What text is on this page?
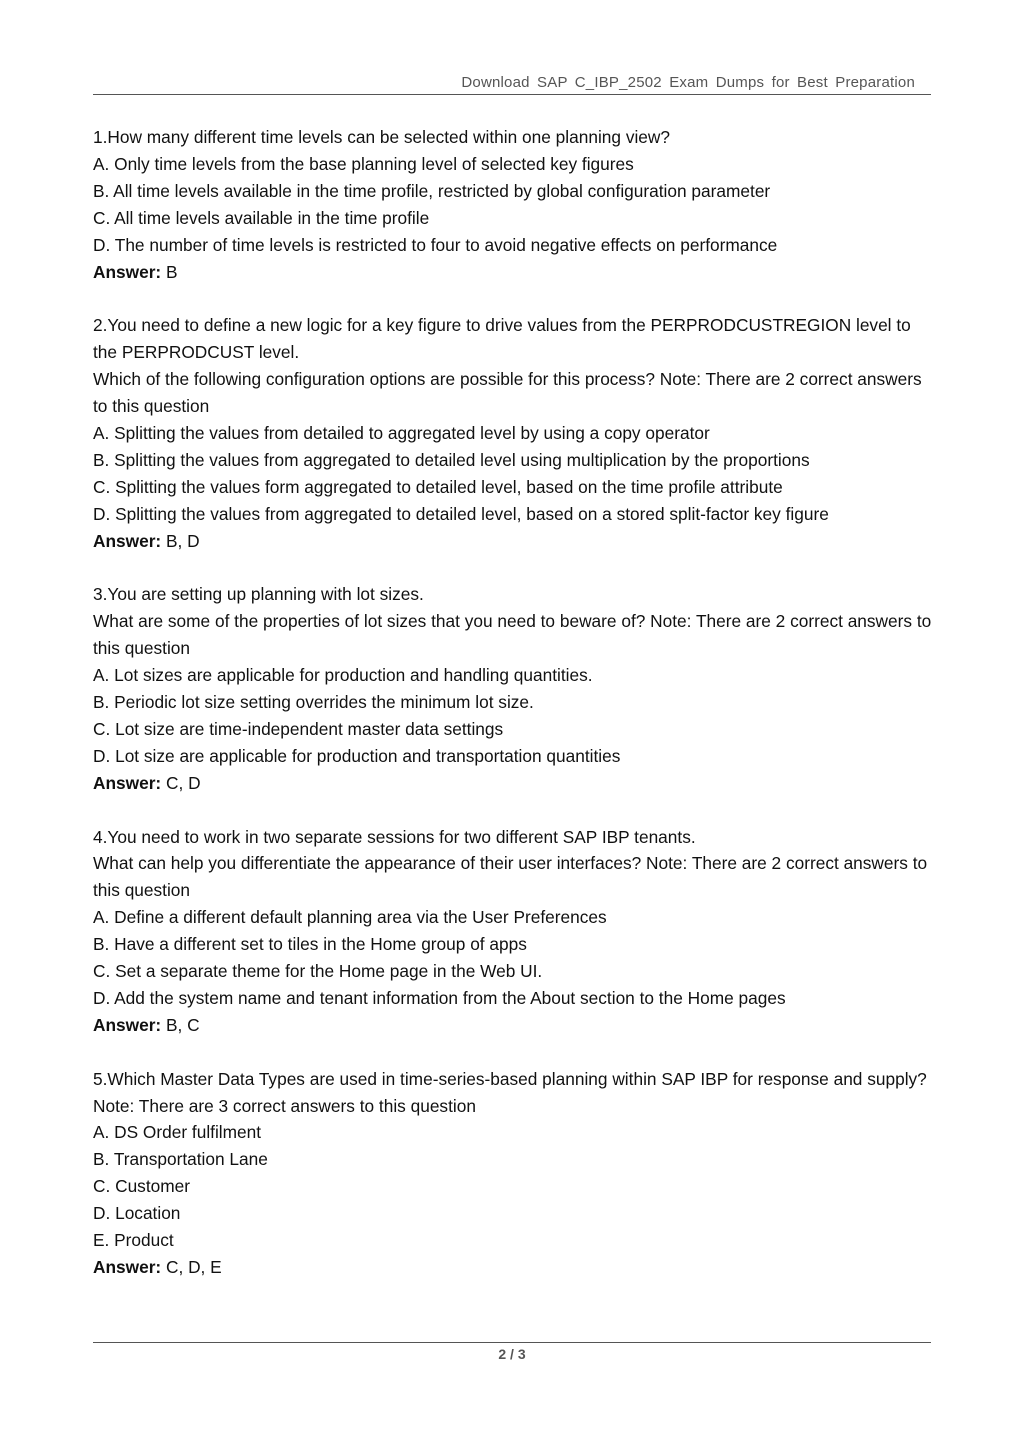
Download SAP C_IBP_2502 Exam Dumps for Best Preparation
1.How many different time levels can be selected within one planning view?
A. Only time levels from the base planning level of selected key figures
B. All time levels available in the time profile, restricted by global configuration parameter
C. All time levels available in the time profile
D. The number of time levels is restricted to four to avoid negative effects on performance
Answer: B
2.You need to define a new logic for a key figure to drive values from the PERPRODCUSTREGION level to the PERPRODCUST level.
Which of the following configuration options are possible for this process? Note: There are 2 correct answers to this question
A. Splitting the values from detailed to aggregated level by using a copy operator
B. Splitting the values from aggregated to detailed level using multiplication by the proportions
C. Splitting the values form aggregated to detailed level, based on the time profile attribute
D. Splitting the values from aggregated to detailed level, based on a stored split-factor key figure
Answer: B, D
3.You are setting up planning with lot sizes.
What are some of the properties of lot sizes that you need to beware of? Note: There are 2 correct answers to this question
A. Lot sizes are applicable for production and handling quantities.
B. Periodic lot size setting overrides the minimum lot size.
C. Lot size are time-independent master data settings
D. Lot size are applicable for production and transportation quantities
Answer: C, D
4.You need to work in two separate sessions for two different SAP IBP tenants.
What can help you differentiate the appearance of their user interfaces? Note: There are 2 correct answers to this question
A. Define a different default planning area via the User Preferences
B. Have a different set to tiles in the Home group of apps
C. Set a separate theme for the Home page in the Web UI.
D. Add the system name and tenant information from the About section to the Home pages
Answer: B, C
5.Which Master Data Types are used in time-series-based planning within SAP IBP for response and supply? Note: There are 3 correct answers to this question
A. DS Order fulfilment
B. Transportation Lane
C. Customer
D. Location
E. Product
Answer: C, D, E
2 / 3
